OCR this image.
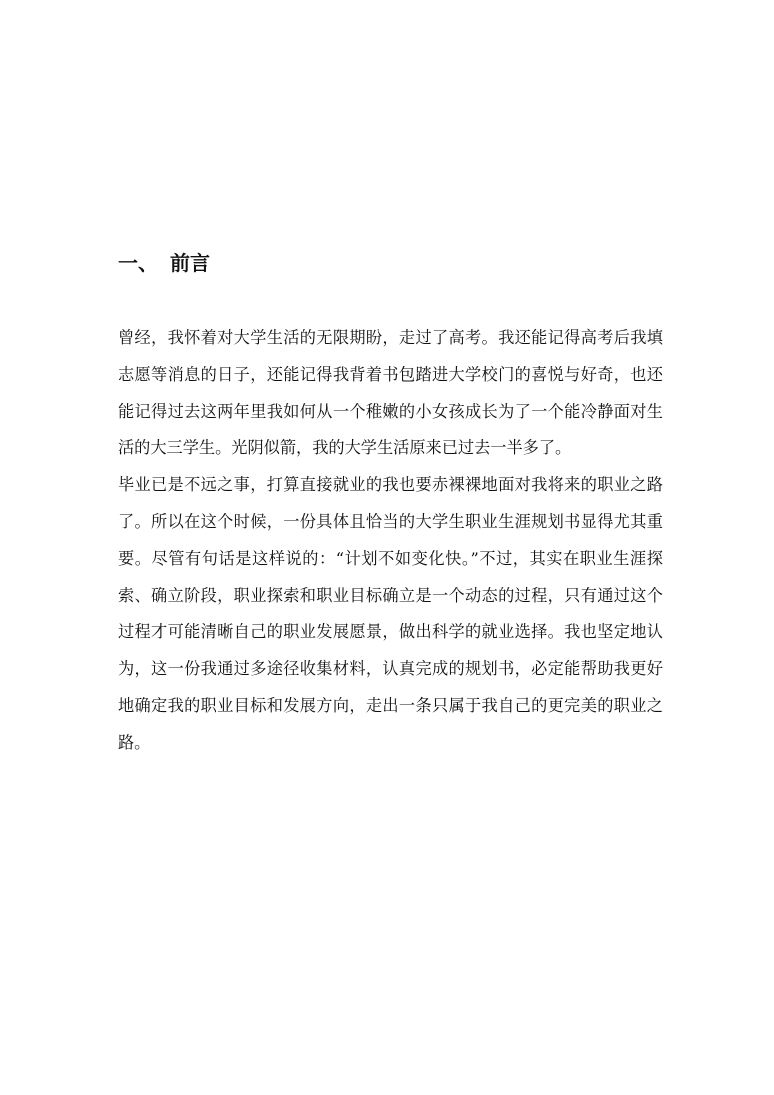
一、 前言

曾经，我怀着对大学生活的无限期盼，走过了高考。我还能记得高考后我填志愿等消息的日子，还能记得我背着书包踏进大学校门的喜悦与好奇，也还能记得过去这两年里我如何从一个稚嫩的小女孩成长为了一个能冷静面对生活的大三学生。光阴似箭，我的大学生活原来已过去一半多了。

毕业已是不远之事，打算直接就业的我也要赤裸裸地面对我将来的职业之路了。所以在这个时候，一份具体且恰当的大学生职业生涯规划书显得尤其重要。尽管有句话是这样说的：“计划不如变化快。”不过，其实在职业生涯探索、确立阶段，职业探索和职业目标确立是一个动态的过程，只有通过这个过程才可能清晰自己的职业发展愿景，做出科学的就业选择。我也坚定地认为，这一份我通过多途径收集材料，认真完成的规划书，必定能帮助我更好地确定我的职业目标和发展方向，走出一条只属于我自己的更完美的职业之路。
